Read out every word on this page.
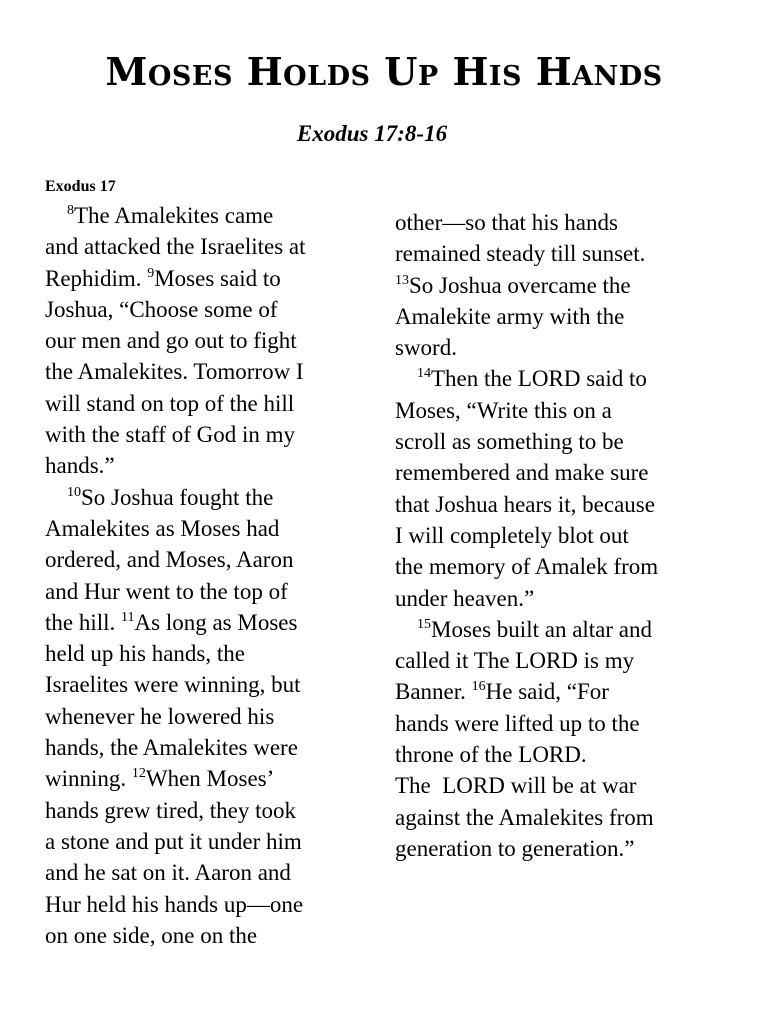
Moses Holds Up His Hands
Exodus 17:8-16
Exodus 17
$^8$The Amalekites came
and attacked the Israelites at
Rephidim. $^9$Moses said to
Joshua, “Choose some of
our men and go out to fight
the Amalekites. Tomorrow I
will stand on top of the hill
with the staff of God in my
hands.”
$^{10}$So Joshua fought the
Amalekites as Moses had
ordered, and Moses, Aaron
and Hur went to the top of
the hill. $^{11}$As long as Moses
held up his hands, the
Israelites were winning, but
whenever he lowered his
hands, the Amalekites were
winning. $^{12}$When Moses’
hands grew tired, they took
a stone and put it under him
and he sat on it. Aaron and
Hur held his hands up—one
on one side, one on the
other—so that his hands
remained steady till sunset.
$^{13}$So Joshua overcame the
Amalekite army with the
sword.
$^{14}$Then the LORD said to
Moses, “Write this on a
scroll as something to be
remembered and make sure
that Joshua hears it, because
I will completely blot out
the memory of Amalek from
under heaven.”
$^{15}$Moses built an altar and
called it The LORD is my
Banner. $^{16}$He said, “For
hands were lifted up to the
throne of the LORD.
The  LORD will be at war
against the Amalekites from
generation to generation.”
